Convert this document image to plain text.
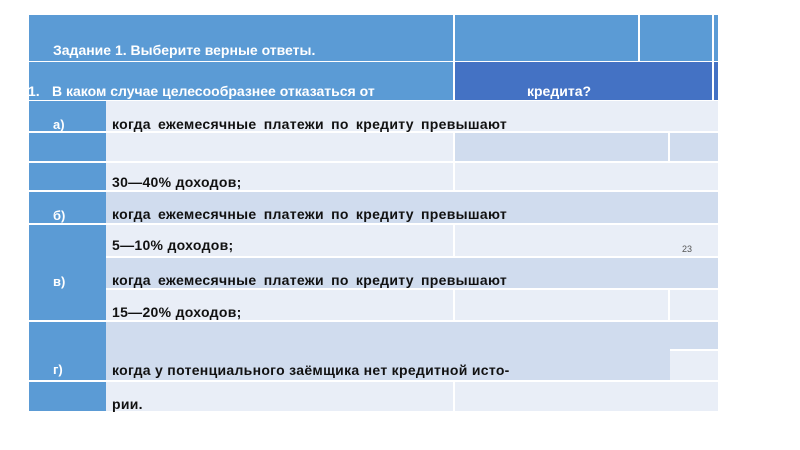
Задание 1. Выберите верные ответы.
1. В каком случае целесообразнее отказаться от	кредита?
а)
б)
в)
г)
когда ежемесячные платежи по кредиту превышают
30—40% доходов;
когда ежемесячные платежи по кредиту превышают
5—10% доходов;
когда ежемесячные платежи по кредиту превышают
15—20% доходов;
когда у потенциального заёмщика нет кредитной исто-
рии.
23
